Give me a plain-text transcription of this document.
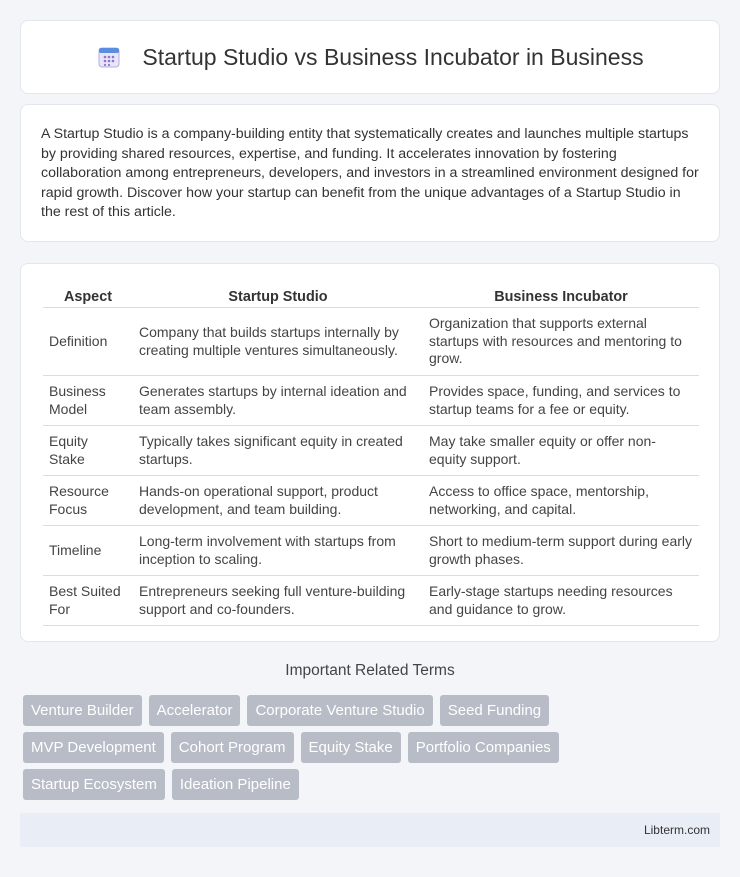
Startup Studio vs Business Incubator in Business

A Startup Studio is a company-building entity that systematically creates and launches multiple startups by providing shared resources, expertise, and funding. It accelerates innovation by fostering collaboration among entrepreneurs, developers, and investors in a streamlined environment designed for rapid growth. Discover how your startup can benefit from the unique advantages of a Startup Studio in the rest of this article.

Aspect	Startup Studio	Business Incubator
Definition	Company that builds startups internally by creating multiple ventures simultaneously.	Organization that supports external startups with resources and mentoring to grow.
Business Model	Generates startups by internal ideation and team assembly.	Provides space, funding, and services to startup teams for a fee or equity.
Equity Stake	Typically takes significant equity in created startups.	May take smaller equity or offer non-equity support.
Resource Focus	Hands-on operational support, product development, and team building.	Access to office space, mentorship, networking, and capital.
Timeline	Long-term involvement with startups from inception to scaling.	Short to medium-term support during early growth phases.
Best Suited For	Entrepreneurs seeking full venture-building support and co-founders.	Early-stage startups needing resources and guidance to grow.
Important Related Terms
Venture Builder	Accelerator	Corporate Venture Studio	Seed Funding
MVP Development	Cohort Program	Equity Stake	Portfolio Companies
Startup Ecosystem	Ideation Pipeline
Libterm.com
